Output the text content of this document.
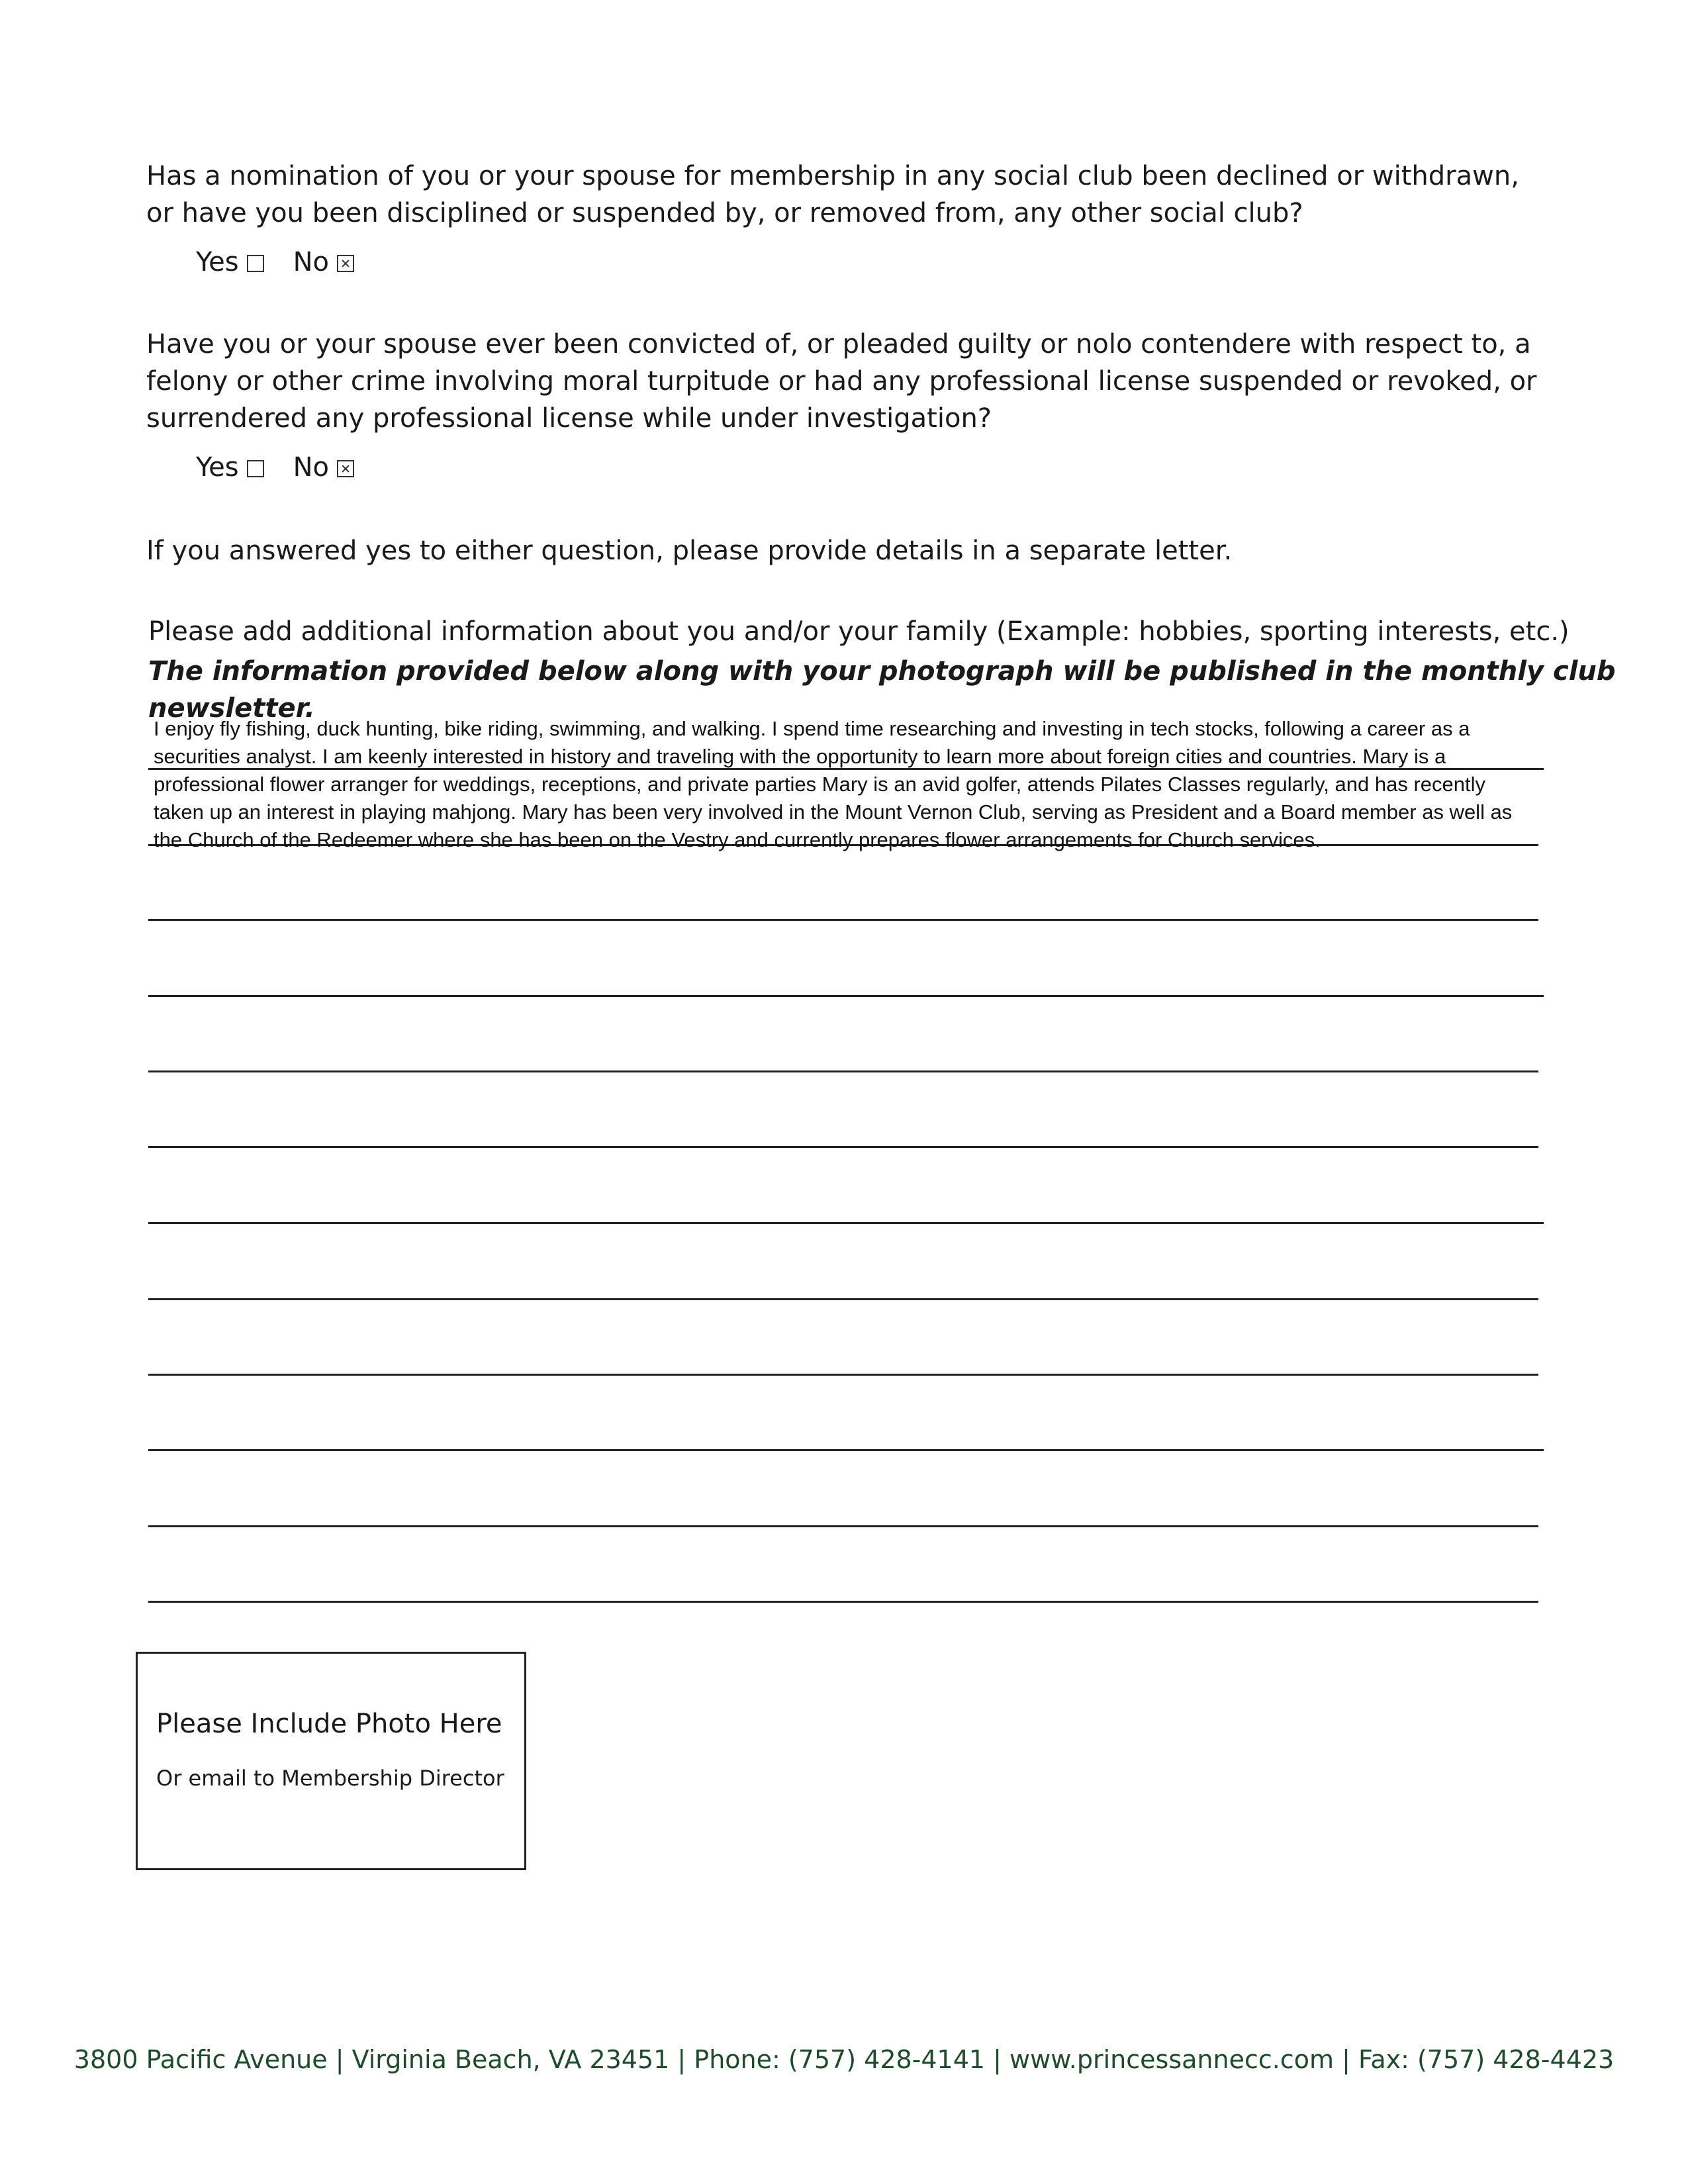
Has a nomination of you or your spouse for membership in any social club been declined or withdrawn, or have you been disciplined or suspended by, or removed from, any other social club?

Yes No

Have you or your spouse ever been convicted of, or pleaded guilty or nolo contendere with respect to, a felony or other crime involving moral turpitude or had any professional license suspended or revoked, or surrendered any professional license while under investigation?

Yes No
If you answered yes to either question, please provide details in a separate letter.
Please add additional information about you and/or your family (Example: hobbies, sporting interests, etc.)
The information provided below along with your photograph will be published in the monthly club newsletter.

I enjoy fly fishing, duck hunting, bike riding, swimming, and walking. I spend time researching and investing in tech stocks, following a career as a securities analyst. I am keenly interested in history and traveling with the opportunity to learn more about foreign cities and countries. Mary is a professional flower arranger for weddings, receptions, and private parties Mary is an avid golfer, attends Pilates Classes regularly, and has recently taken up an interest in playing mahjong. Mary has been very involved in the Mount Vernon Club, serving as President and a Board member as well as the Church of the Redeemer where she has been on the Vestry and currently prepares flower arrangements for Church services.

Please Include Photo Here
Or email to Membership Director
3800 Pacific Avenue | Virginia Beach, VA 23451 | Phone: (757) 428-4141 | www.princessannecc.com | Fax: (757) 428-4423
